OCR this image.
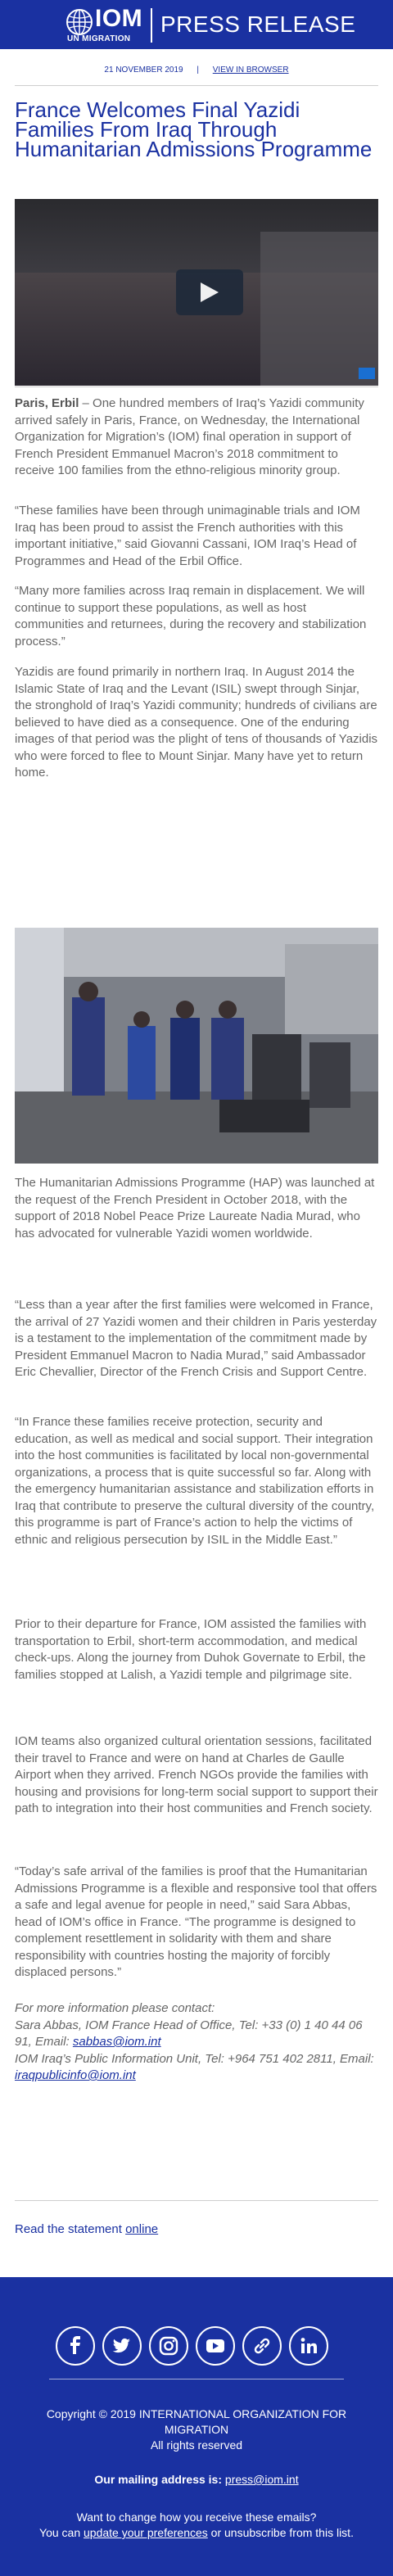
IOM
UN MIGRATION
PRESS RELEASE
21 NOVEMBER 2019 | VIEW IN BROWSER
France Welcomes Final Yazidi Families From Iraq Through Humanitarian Admissions Programme

Paris, Erbil – One hundred members of Iraq’s Yazidi community arrived safely in Paris, France, on Wednesday, the International Organization for Migration’s (IOM) final operation in support of French President Emmanuel Macron’s 2018 commitment to receive 100 families from the ethno-religious minority group.

“These families have been through unimaginable trials and IOM Iraq has been proud to assist the French authorities with this important initiative,” said Giovanni Cassani, IOM Iraq’s Head of Programmes and Head of the Erbil Office.

“Many more families across Iraq remain in displacement. We will continue to support these populations, as well as host communities and returnees, during the recovery and stabilization process.”

Yazidis are found primarily in northern Iraq. In August 2014 the Islamic State of Iraq and the Levant (ISIL) swept through Sinjar, the stronghold of Iraq’s Yazidi community; hundreds of civilians are believed to have died as a consequence. One of the enduring images of that period was the plight of tens of thousands of Yazidis who were forced to flee to Mount Sinjar. Many have yet to return home.

The Humanitarian Admissions Programme (HAP) was launched at the request of the French President in October 2018, with the support of 2018 Nobel Peace Prize Laureate Nadia Murad, who has advocated for vulnerable Yazidi women worldwide.

“Less than a year after the first families were welcomed in France, the arrival of 27 Yazidi women and their children in Paris yesterday is a testament to the implementation of the commitment made by President Emmanuel Macron to Nadia Murad,” said Ambassador Eric Chevallier, Director of the French Crisis and Support Centre.

“In France these families receive protection, security and education, as well as medical and social support. Their integration into the host communities is facilitated by local non-governmental organizations, a process that is quite successful so far. Along with the emergency humanitarian assistance and stabilization efforts in Iraq that contribute to preserve the cultural diversity of the country, this programme is part of France’s action to help the victims of ethnic and religious persecution by ISIL in the Middle East.”

Prior to their departure for France, IOM assisted the families with transportation to Erbil, short-term accommodation, and medical check-ups. Along the journey from Duhok Governate to Erbil, the families stopped at Lalish, a Yazidi temple and pilgrimage site.

IOM teams also organized cultural orientation sessions, facilitated their travel to France and were on hand at Charles de Gaulle Airport when they arrived. French NGOs provide the families with housing and provisions for long-term social support to support their path to integration into their host communities and French society.

“Today’s safe arrival of the families is proof that the Humanitarian Admissions Programme is a flexible and responsive tool that offers a safe and legal avenue for people in need,” said Sara Abbas, head of IOM’s office in France. “The programme is designed to complement resettlement in solidarity with them and share responsibility with countries hosting the majority of forcibly displaced persons.”

For more information please contact:
Sara Abbas, IOM France Head of Office, Tel: +33 (0) 1 40 44 06 91, Email: sabbas@iom.int
IOM Iraq’s Public Information Unit, Tel: +964 751 402 2811, Email: iraqpublicinfo@iom.int

Read the statement online
Copyright © 2019 INTERNATIONAL ORGANIZATION FOR MIGRATION
All rights reserved
Our mailing address is: press@iom.int
Want to change how you receive these emails?
You can update your preferences or unsubscribe from this list.
